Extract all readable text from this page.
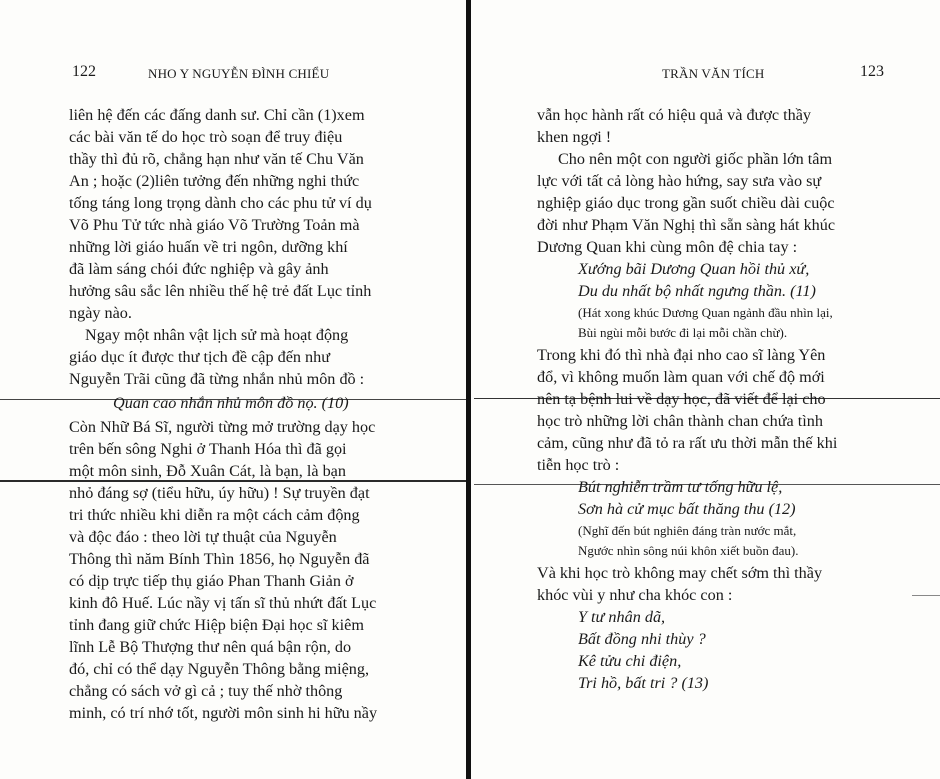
122	NHO Y NGUYỄN ĐÌNH CHIỂU
liên hệ đến các đấng danh sư. Chỉ cần (1)xem
các bài văn tế do học trò soạn để truy điệu
thầy thì đủ rõ, chẳng hạn như văn tế Chu Văn
An ; hoặc (2)liên tưởng đến những nghi thức
tống táng long trọng dành cho các phu tử ví dụ
Võ Phu Tử tức nhà giáo Võ Trường Toản mà
những lời giáo huấn về tri ngôn, dưỡng khí
đã làm sáng chói đức nghiệp và gây ảnh
hưởng sâu sắc lên nhiều thế hệ trẻ đất Lục tỉnh
ngày nào.
Ngay một nhân vật lịch sử mà hoạt động
giáo dục ít được thư tịch đề cập đến như
Nguyễn Trãi cũng đã từng nhắn nhủ môn đồ :
Quan cao nhắn nhủ môn đồ nọ. (10)
Còn Nhữ Bá Sĩ, người từng mở trường dạy học
trên bến sông Nghi ở Thanh Hóa thì đã gọi
một môn sinh, Đỗ Xuân Cát, là bạn, là bạn
nhỏ đáng sợ (tiểu hữu, úy hữu) ! Sự truyền đạt
tri thức nhiều khi diễn ra một cách cảm động
và độc đáo : theo lời tự thuật của Nguyễn
Thông thì năm Bính Thìn 1856, họ Nguyễn đã
có dịp trực tiếp thụ giáo Phan Thanh Giản ở
kinh đô Huế. Lúc nầy vị tấn sĩ thủ nhứt đất Lục
tỉnh đang giữ chức Hiệp biện Đại học sĩ kiêm
lĩnh Lễ Bộ Thượng thư nên quá bận rộn, do
đó, chỉ có thể dạy Nguyễn Thông bằng miệng,
chẳng có sách vở gì cả ; tuy thế nhờ thông
minh, có trí nhớ tốt, người môn sinh hi hữu nầy
TRẦN VĂN TÍCH	123
vẫn học hành rất có hiệu quả và được thầy
khen ngợi !
Cho nên một con người giốc phần lớn tâm
lực với tất cả lòng hào hứng, say sưa vào sự
nghiệp giáo dục trong gần suốt chiều dài cuộc
đời như Phạm Văn Nghị thì sẵn sàng hát khúc
Dương Quan khi cùng môn đệ chia tay :
Xướng bãi Dương Quan hồi thủ xứ,
Du du nhất bộ nhất ngưng thần. (11)
(Hát xong khúc Dương Quan ngảnh đầu nhìn lại,
Bùi ngùi mỗi bước đi lại mỗi chần chừ).
Trong khi đó thì nhà đại nho cao sĩ làng Yên
đổ, vì không muốn làm quan với chế độ mới
nên tạ bệnh lui về dạy học, đã viết để lại cho
học trò những lời chân thành chan chứa tình
cảm, cũng như đã tỏ ra rất ưu thời mẫn thế khi
tiễn học trò :
Bút nghiễn trầm tư tống hữu lệ,
Sơn hà cử mục bất thăng thu (12)
(Nghĩ đến bút nghiên đáng tràn nước mắt,
Ngước nhìn sông núi khôn xiết buồn đau).
Và khi học trò không may chết sớm thì thầy
khóc vùi y như cha khóc con :
Y tư nhân dã,
Bất đồng nhi thùy ?
Kê tửu chi điện,
Tri hồ, bất tri ? (13)
